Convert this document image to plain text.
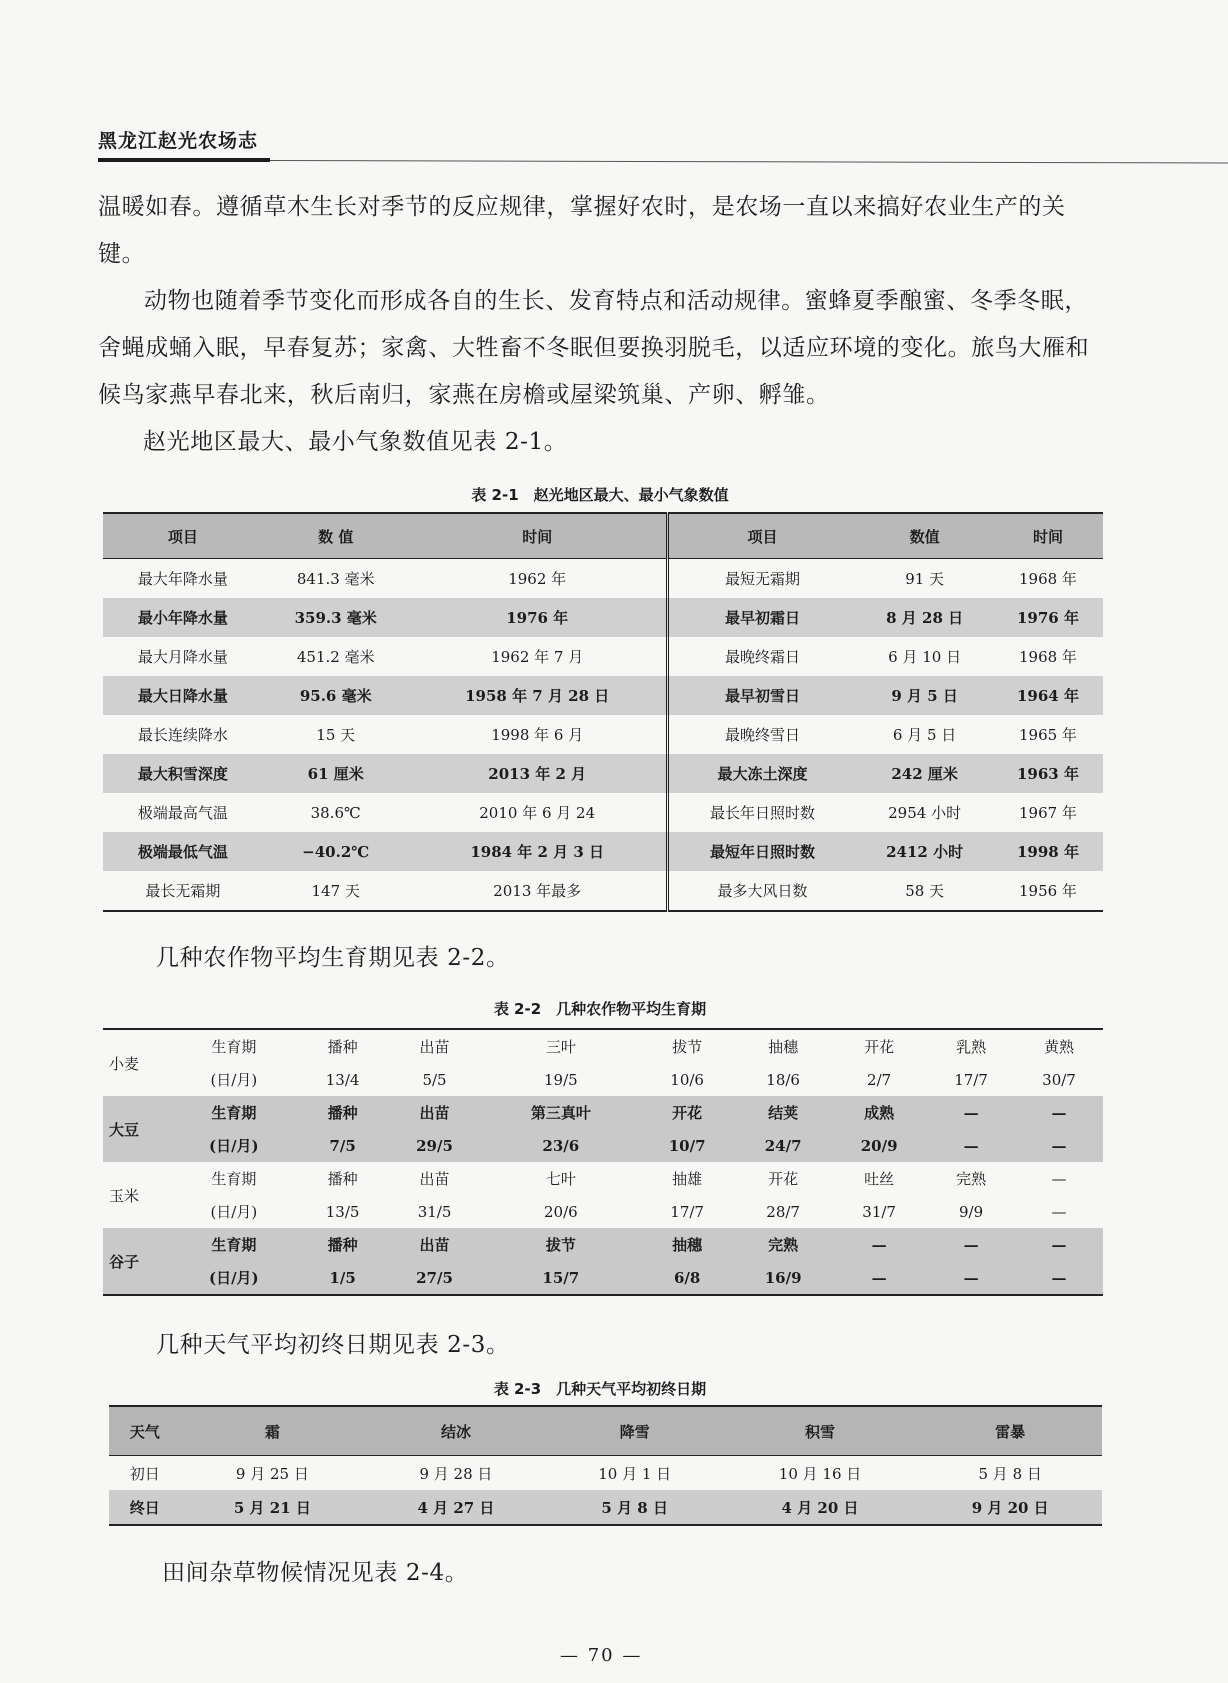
黑龙江赵光农场志
温暖如春。遵循草木生长对季节的反应规律，掌握好农时，是农场一直以来搞好农业生产的关键。
动物也随着季节变化而形成各自的生长、发育特点和活动规律。蜜蜂夏季酿蜜、冬季冬眠，舍蝇成蛹入眠，早春复苏；家禽、大牲畜不冬眠但要换羽脱毛，以适应环境的变化。旅鸟大雁和候鸟家燕早春北来，秋后南归，家燕在房檐或屋梁筑巢、产卵、孵雏。
赵光地区最大、最小气象数值见表 2-1。
表 2-1　赵光地区最大、最小气象数值
项目	数 值	时间	项目	数值	时间
最大年降水量	841.3 毫米	1962 年	最短无霜期	91 天	1968 年
最小年降水量	359.3 毫米	1976 年	最早初霜日	8 月 28 日	1976 年
最大月降水量	451.2 毫米	1962 年 7 月	最晚终霜日	6 月 10 日	1968 年
最大日降水量	95.6 毫米	1958 年 7 月 28 日	最早初雪日	9 月 5 日	1964 年
最长连续降水	15 天	1998 年 6 月	最晚终雪日	6 月 5 日	1965 年
最大积雪深度	61 厘米	2013 年 2 月	最大冻土深度	242 厘米	1963 年
极端最高气温	38.6℃	2010 年 6 月 24	最长年日照时数	2954 小时	1967 年
极端最低气温	−40.2℃	1984 年 2 月 3 日	最短年日照时数	2412 小时	1998 年
最长无霜期	147 天	2013 年最多	最多大风日数	58 天	1956 年
几种农作物平均生育期见表 2-2。
表 2-2　几种农作物平均生育期
小麦	生育期	播种	出苗	三叶	拔节	抽穗	开花	乳熟	黄熟
	(日/月)	13/4	5/5	19/5	10/6	18/6	2/7	17/7	30/7
大豆	生育期	播种	出苗	第三真叶	开花	结荚	成熟	—	—
	(日/月)	7/5	29/5	23/6	10/7	24/7	20/9	—	—
玉米	生育期	播种	出苗	七叶	抽雄	开花	吐丝	完熟	—
	(日/月)	13/5	31/5	20/6	17/7	28/7	31/7	9/9	—
谷子	生育期	播种	出苗	拔节	抽穗	完熟	—	—	—
	(日/月)	1/5	27/5	15/7	6/8	16/9	—	—	—
几种天气平均初终日期见表 2-3。
表 2-3　几种天气平均初终日期
天气	霜	结冰	降雪	积雪	雷暴
初日	9 月 25 日	9 月 28 日	10 月 1 日	10 月 16 日	5 月 8 日
终日	5 月 21 日	4 月 27 日	5 月 8 日	4 月 20 日	9 月 20 日
田间杂草物候情况见表 2-4。
— 70 —
